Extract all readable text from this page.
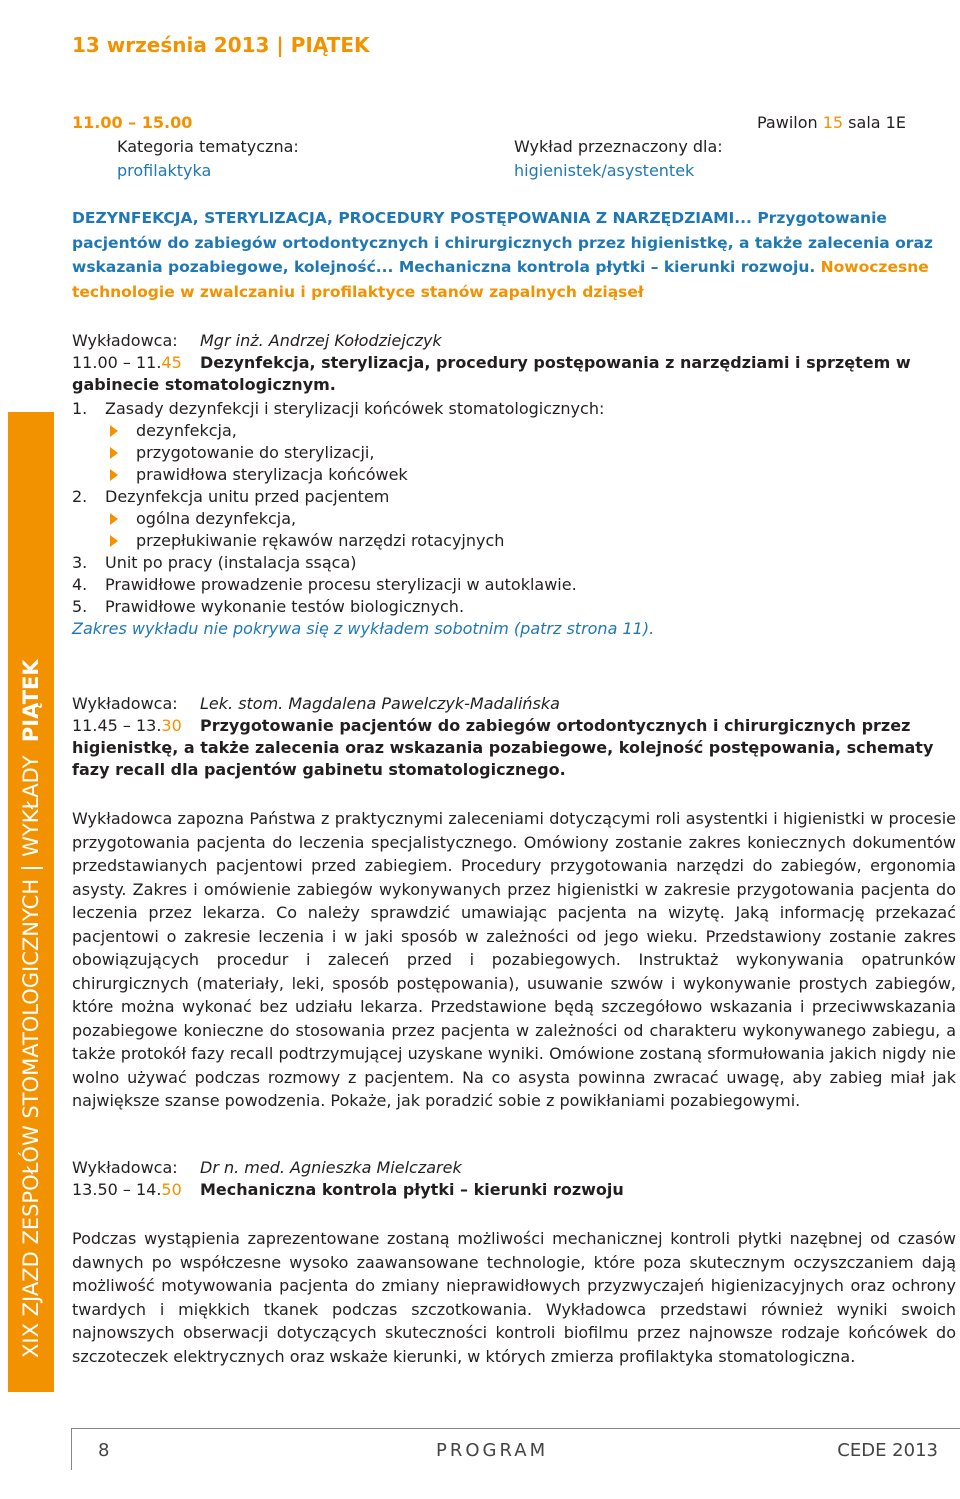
13 września 2013 | PIĄTEK
XIX ZJAZD ZESPOŁÓW STOMATOLOGICZNYCHWYKŁADY  PIĄTEK
11.00 – 15.00	Pawilon 15 sala 1E
Kategoria tematyczna:
profilaktyka
Wykład przeznaczony dla:
higienistek/asystentek
DEZYNFEKCJA, STERYLIZACJA, PROCEDURY POSTĘPOWANIA Z NARZĘDZIAMI... Przygotowanie pacjentów do zabiegów ortodontycznych i chirurgicznych przez higienistkę, a także zalecenia oraz wskazania pozabiegowe, kolejność... Mechaniczna kontrola płytki – kierunki rozwoju. Nowoczesne technologie w zwalczaniu i profilaktyce stanów zapalnych dziąseł
Wykładowca:	Mgr inż. Andrzej Kołodziejczyk
11.00 – 11.45 Dezynfekcja, sterylizacja, procedury postępowania z narzędziami i sprzętem w gabinecie stomatologicznym.
1. Zasady dezynfekcji i sterylizacji końcówek stomatologicznych:
dezynfekcja,
przygotowanie do sterylizacji,
prawidłowa sterylizacja końcówek
2. Dezynfekcja unitu przed pacjentem
ogólna dezynfekcja,
przepłukiwanie rękawów narzędzi rotacyjnych
3. Unit po pracy (instalacja ssąca)
4. Prawidłowe prowadzenie procesu sterylizacji w autoklawie.
5. Prawidłowe wykonanie testów biologicznych.
Zakres wykładu nie pokrywa się z wykładem sobotnim (patrz strona 11).
Wykładowca:	Lek. stom. Magdalena Pawelczyk-Madalińska
11.45 – 13.30 Przygotowanie pacjentów do zabiegów ortodontycznych i chirurgicznych przez higienistkę, a także zalecenia oraz wskazania pozabiegowe, kolejność postępowania, schematy fazy recall dla pacjentów gabinetu stomatologicznego.
Wykładowca zapozna Państwa z praktycznymi zaleceniami dotyczącymi roli asystentki i higienistki w procesie przygotowania pacjenta do leczenia specjalistycznego. Omówiony zostanie zakres koniecznych dokumentów przedstawianych pacjentowi przed zabiegiem. Procedury przygotowania narzędzi do zabiegów, ergonomia asysty. Zakres i omówienie zabiegów wykonywanych przez higienistki w zakresie przygotowania pacjenta do leczenia przez lekarza. Co należy sprawdzić umawiając pacjenta na wizytę. Jaką informację przekazać pacjentowi o zakresie leczenia i w jaki sposób w zależności od jego wieku. Przedstawiony zostanie zakres obowiązujących procedur i zaleceń przed i pozabiegowych. Instruktaż wykonywania opatrunków chirurgicznych (materiały, leki, sposób postępowania), usuwanie szwów i wykonywanie prostych zabiegów, które można wykonać bez udziału lekarza. Przedstawione będą szczegółowo wskazania i przeciwwskazania pozabiegowe konieczne do stosowania przez pacjenta w zależności od charakteru wykonywanego zabiegu, a także protokół fazy recall podtrzymującej uzyskane wyniki. Omówione zostaną sformułowania jakich nigdy nie wolno używać podczas rozmowy z pacjentem. Na co asysta powinna zwracać uwagę, aby zabieg miał jak największe szanse powodzenia. Pokaże, jak poradzić sobie z powikłaniami pozabiegowymi.
Wykładowca:	Dr n. med. Agnieszka Mielczarek
13.50 – 14.50 Mechaniczna kontrola płytki – kierunki rozwoju
Podczas wystąpienia zaprezentowane zostaną możliwości mechanicznej kontroli płytki nazębnej od czasów dawnych po współczesne wysoko zaawansowane technologie, które poza skutecznym oczyszczaniem dają możliwość motywowania pacjenta do zmiany nieprawidłowych przyzwyczajeń higienizacyjnych oraz ochrony twardych i miękkich tkanek podczas szczotkowania. Wykładowca przedstawi również wyniki swoich najnowszych obserwacji dotyczących skuteczności kontroli biofilmu przez najnowsze rodzaje końcówek do szczoteczek elektrycznych oraz wskaże kierunki, w których zmierza profilaktyka stomatologiczna.
8	PROGRAM	CEDE 2013
